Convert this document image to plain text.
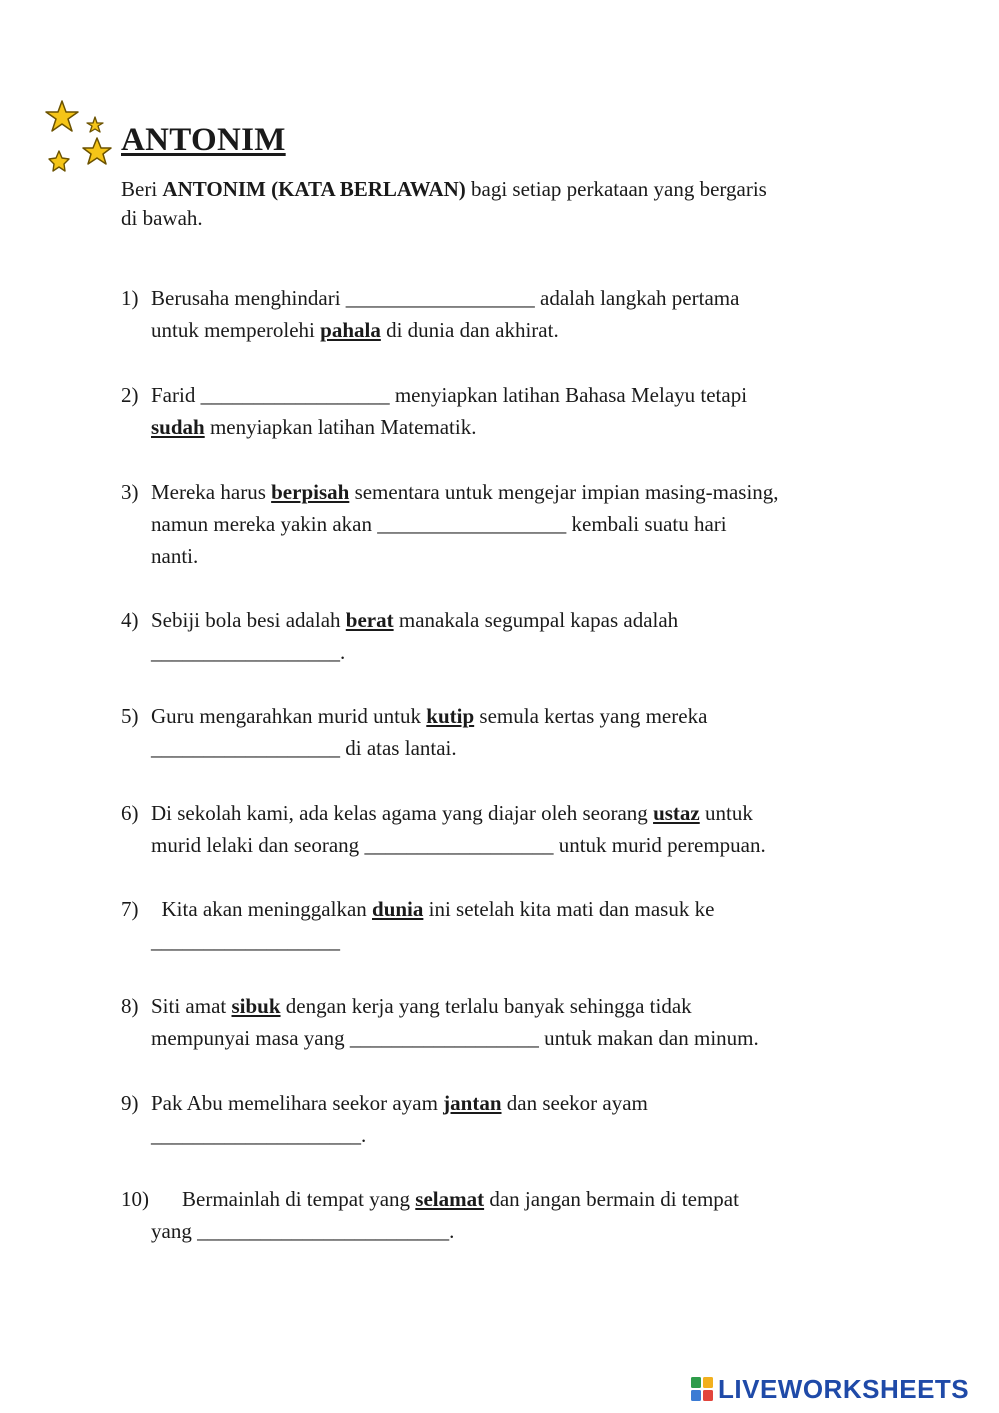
ANTONIM
Beri ANTONIM (KATA BERLAWAN) bagi setiap perkataan yang bergaris
di bawah.
1) Berusaha menghindari __________________ adalah langkah pertama
untuk memperolehi pahala di dunia dan akhirat.
2) Farid __________________ menyiapkan latihan Bahasa Melayu tetapi
sudah menyiapkan latihan Matematik.
3) Mereka harus berpisah sementara untuk mengejar impian masing-masing,
namun mereka yakin akan __________________ kembali suatu hari
nanti.
4) Sebiji bola besi adalah berat manakala segumpal kapas adalah
__________________.
5) Guru mengarahkan murid untuk kutip semula kertas yang mereka
__________________ di atas lantai.
6) Di sekolah kami, ada kelas agama yang diajar oleh seorang ustaz untuk
murid lelaki dan seorang __________________ untuk murid perempuan.
7) Kita akan meninggalkan dunia ini setelah kita mati dan masuk ke
__________________
8) Siti amat sibuk dengan kerja yang terlalu banyak sehingga tidak
mempunyai masa yang __________________ untuk makan dan minum.
9) Pak Abu memelihara seekor ayam jantan dan seekor ayam
____________________.
10) Bermainlah di tempat yang selamat dan jangan bermain di tempat
yang ________________________.
LIVEWORKSHEETS
